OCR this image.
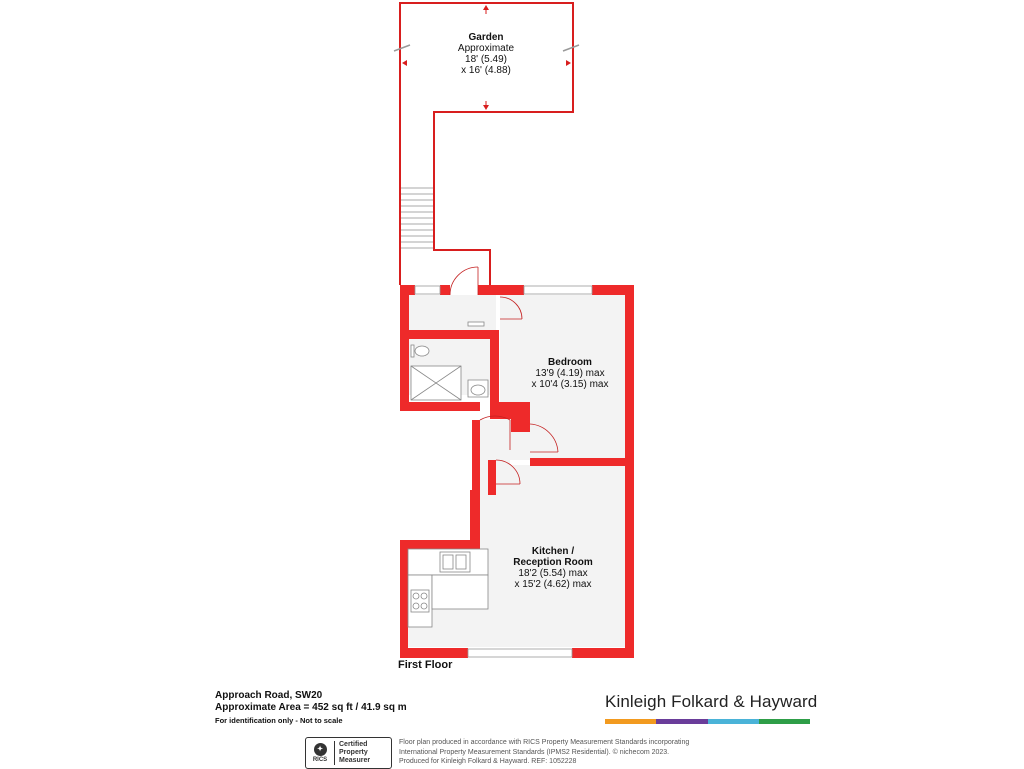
Garden
Approximate
18' (5.49)
x 16' (4.88)
Bedroom
13'9 (4.19) max
x 10'4 (3.15) max
Kitchen /
Reception Room
18'2 (5.54) max
x 15'2 (4.62) max
First Floor
Approach Road, SW20
Approximate Area = 452 sq ft / 41.9 sq m
For identification only - Not to scale
Kinleigh Folkard & Hayward
✦
RICS
Certified
Property
Measurer
Floor plan produced in accordance with RICS Property Measurement Standards incorporating
International Property Measurement Standards (IPMS2 Residential). © nichecom 2023.
Produced for Kinleigh Folkard & Hayward. REF: 1052228
